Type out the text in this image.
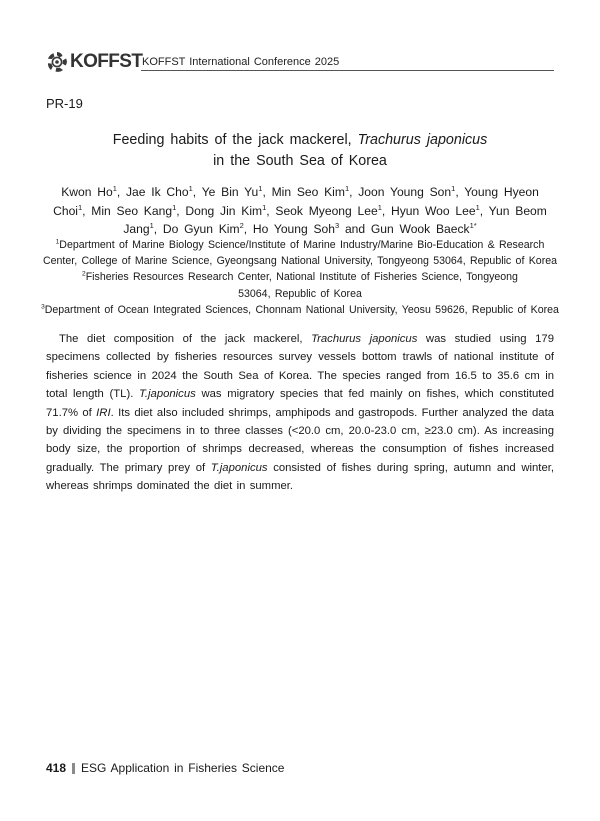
KOFFST KOFFST International Conference 2025
PR-19
Feeding habits of the jack mackerel, Trachurus japonicus
in the South Sea of Korea
Kwon Ho$^1$, Jae Ik Cho$^1$, Ye Bin Yu$^1$, Min Seo Kim$^1$, Joon Young Son$^1$, Young Hyeon Choi$^1$, Min Seo Kang$^1$, Dong Jin Kim$^1$, Seok Myeong Lee$^1$, Hyun Woo Lee$^1$, Yun Beom Jang$^1$, Do Gyun Kim$^2$, Ho Young Soh$^3$ and Gun Wook Baeck$^{1*}$
$^1$Department of Marine Biology Science/Institute of Marine Industry/Marine Bio-Education & Research Center, College of Marine Science, Gyeongsang National University, Tongyeong 53064, Republic of Korea
$^2$Fisheries Resources Research Center, National Institute of Fisheries Science, Tongyeong 53064, Republic of Korea
$^3$Department of Ocean Integrated Sciences, Chonnam National University, Yeosu 59626, Republic of Korea

The diet composition of the jack mackerel, Trachurus japonicus was studied using 179 specimens collected by fisheries resources survey vessels bottom trawls of national institute of fisheries science in 2024 the South Sea of Korea. The species ranged from 16.5 to 35.6 cm in total length (TL). T.japonicus was migratory species that fed mainly on fishes, which constituted 71.7% of IRI. Its diet also included shrimps, amphipods and gastropods. Further analyzed the data by dividing the specimens in to three classes (<20.0 cm, 20.0-23.0 cm, ≥23.0 cm). As increasing body size, the proportion of shrimps decreased, whereas the consumption of fishes increased gradually. The primary prey of T.japonicus consisted of fishes during spring, autumn and winter, whereas shrimps dominated the diet in summer.

418 ESG Application in Fisheries Science
